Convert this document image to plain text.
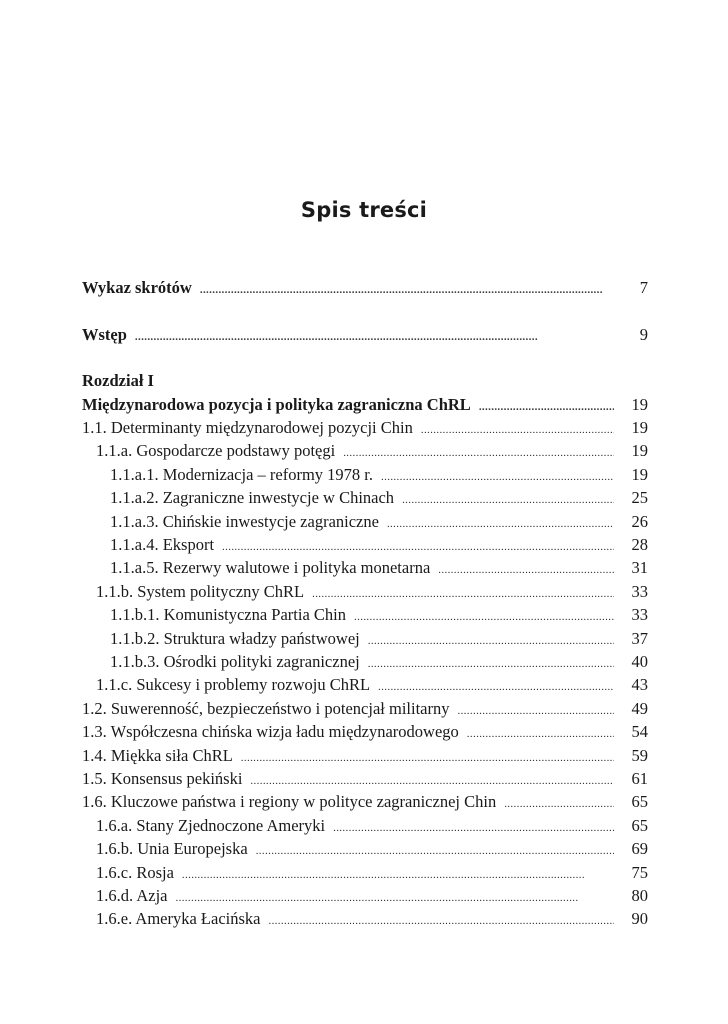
Spis treści
Wykaz skrótów . . .	7
Wstęp . . .	9
Rozdział I
Międzynarodowa pozycja i polityka zagraniczna ChRL . . .	19
1.1. Determinanty międzynarodowej pozycji Chin . . .	19
1.1.a. Gospodarcze podstawy potęgi . . .	19
1.1.a.1. Modernizacja – reformy 1978 r. . . .	19
1.1.a.2. Zagraniczne inwestycje w Chinach . . .	25
1.1.a.3. Chińskie inwestycje zagraniczne . . .	26
1.1.a.4. Eksport . . .	28
1.1.a.5. Rezerwy walutowe i polityka monetarna . . .	31
1.1.b. System polityczny ChRL . . .	33
1.1.b.1. Komunistyczna Partia Chin . . .	33
1.1.b.2. Struktura władzy państwowej . . .	37
1.1.b.3. Ośrodki polityki zagranicznej . . .	40
1.1.c. Sukcesy i problemy rozwoju ChRL . . .	43
1.2. Suwerenność, bezpieczeństwo i potencjał militarny . . .	49
1.3. Współczesna chińska wizja ładu międzynarodowego . . .	54
1.4. Miękka siła ChRL . . .	59
1.5. Konsensus pekiński . . .	61
1.6. Kluczowe państwa i regiony w polityce zagranicznej Chin . . .	65
1.6.a. Stany Zjednoczone Ameryki . . .	65
1.6.b. Unia Europejska . . .	69
1.6.c. Rosja . . .	75
1.6.d. Azja . . .	80
1.6.e. Ameryka Łacińska . . .	90
